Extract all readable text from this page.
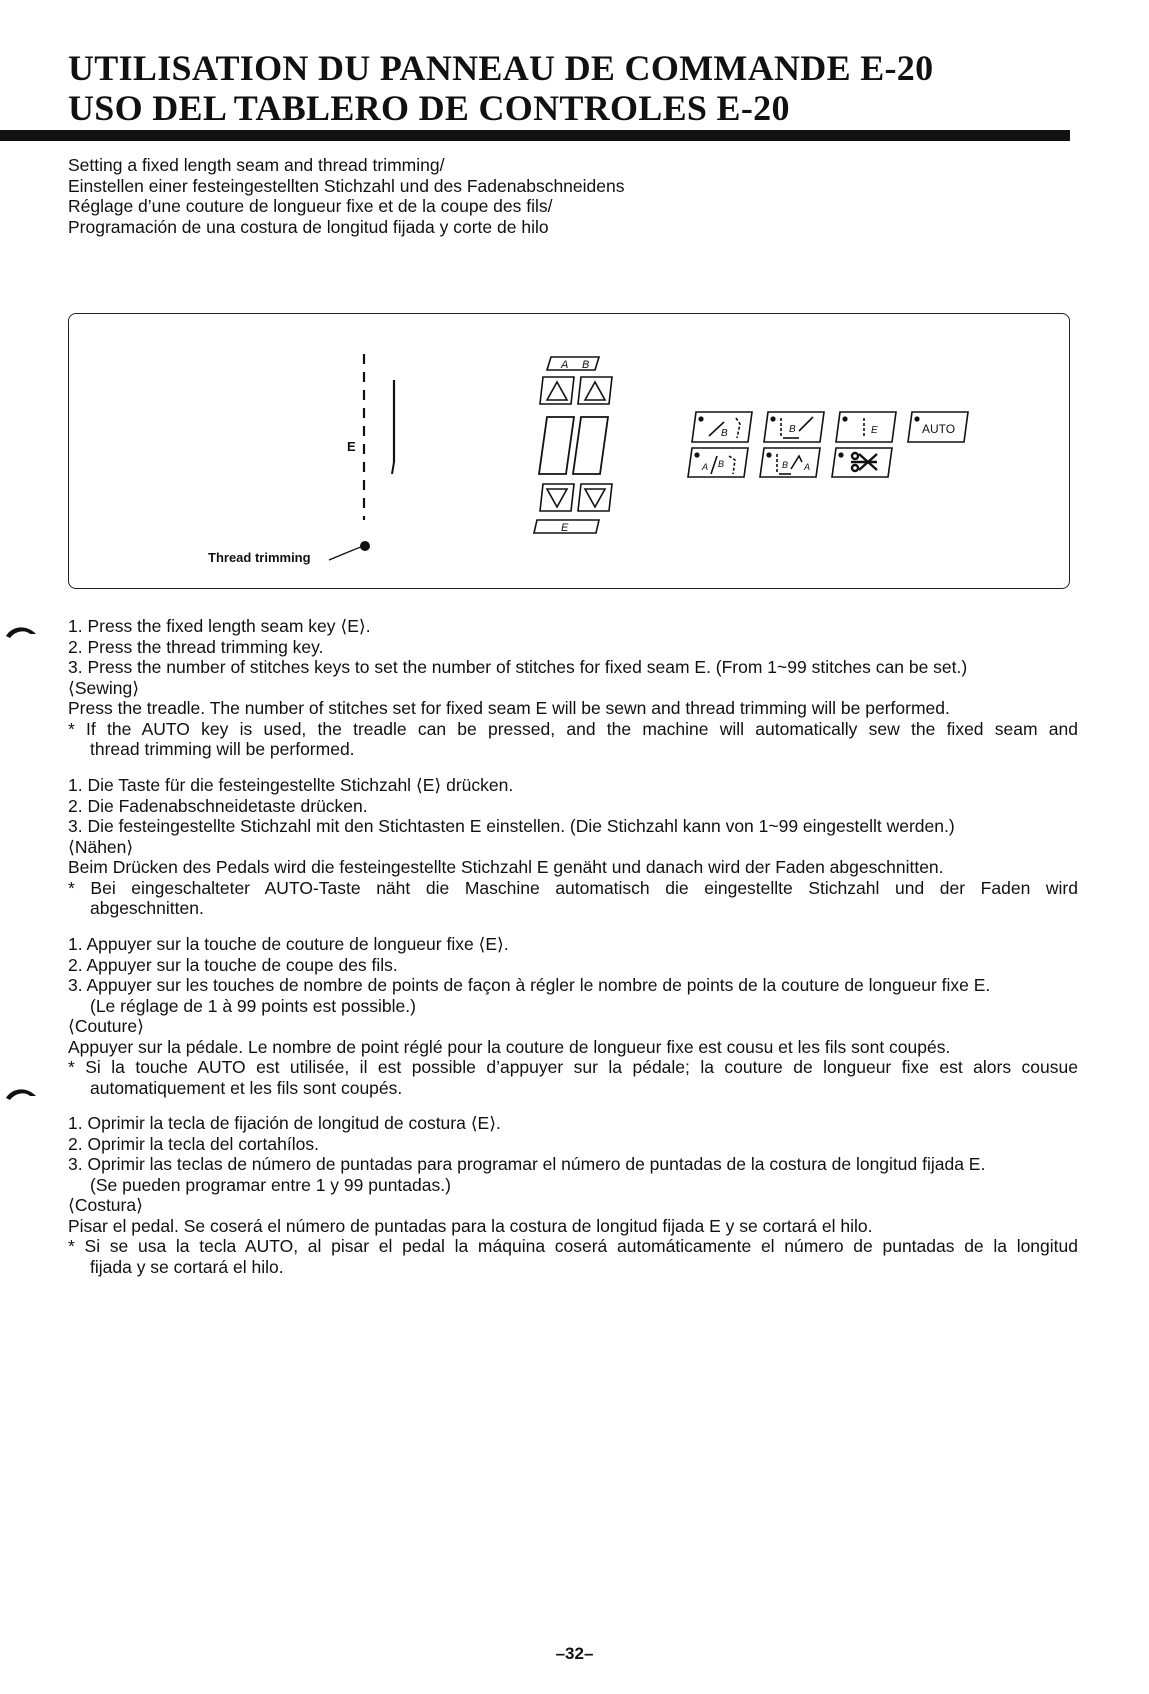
UTILISATION DU PANNEAU DE COMMANDE E-20
USO DEL TABLERO DE CONTROLES E-20
Setting a fixed length seam and thread trimming/
Einstellen einer festeingestellten Stichzahl und des Fadenabschneidens
Réglage d’une couture de longueur fixe et de la coupe des fils/
Programación de una costura de longitud fijada y corte de hilo
E
Thread trimming
A B
E
B	B	E	AUTO
A B	B A
1. Press the fixed length seam key ⟨E⟩.
2. Press the thread trimming key.
3. Press the number of stitches keys to set the number of stitches for fixed seam E. (From 1~99 stitches can be set.)
⟨Sewing⟩
Press the treadle. The number of stitches set for fixed seam E will be sewn and thread trimming will be performed.
* If the AUTO key is used, the treadle can be pressed, and the machine will automatically sew the fixed seam and
thread trimming will be performed.
1. Die Taste für die festeingestellte Stichzahl ⟨E⟩ drücken.
2. Die Fadenabschneidetaste drücken.
3. Die festeingestellte Stichzahl mit den Stichtasten E einstellen. (Die Stichzahl kann von 1~99 eingestellt werden.)
⟨Nähen⟩
Beim Drücken des Pedals wird die festeingestellte Stichzahl E genäht und danach wird der Faden abgeschnitten.
* Bei eingeschalteter AUTO-Taste näht die Maschine automatisch die eingestellte Stichzahl und der Faden wird
abgeschnitten.
1. Appuyer sur la touche de couture de longueur fixe ⟨E⟩.
2. Appuyer sur la touche de coupe des fils.
3. Appuyer sur les touches de nombre de points de façon à régler le nombre de points de la couture de longueur fixe E.
(Le réglage de 1 à 99 points est possible.)
⟨Couture⟩
Appuyer sur la pédale. Le nombre de point réglé pour la couture de longueur fixe est cousu et les fils sont coupés.
* Si la touche AUTO est utilisée, il est possible d’appuyer sur la pédale; la couture de longueur fixe est alors cousue
automatiquement et les fils sont coupés.
1. Oprimir la tecla de fijación de longitud de costura ⟨E⟩.
2. Oprimir la tecla del cortahílos.
3. Oprimir las teclas de número de puntadas para programar el número de puntadas de la costura de longitud fijada E.
(Se pueden programar entre 1 y 99 puntadas.)
⟨Costura⟩
Pisar el pedal. Se coserá el número de puntadas para la costura de longitud fijada E y se cortará el hilo.
* Si se usa la tecla AUTO, al pisar el pedal la máquina coserá automáticamente el número de puntadas de la longitud
fijada y se cortará el hilo.
–32–
